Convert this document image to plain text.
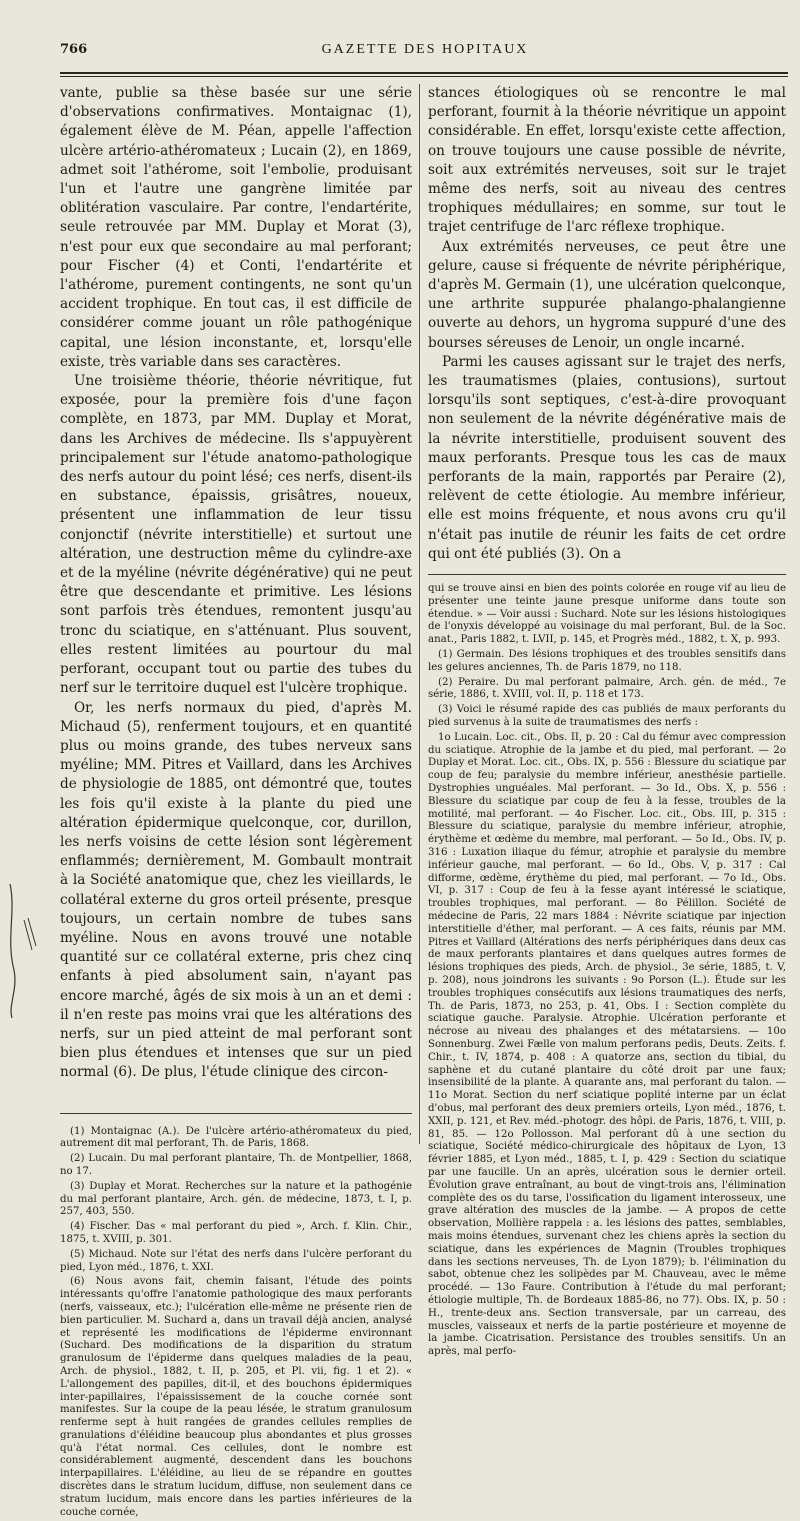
766	GAZETTE DES HOPITAUX

vante, publie sa thèse basée sur une série d'observations confirmatives. Montaignac (1), également élève de M. Péan, appelle l'affection ulcère artério-athéromateux ; Lucain (2), en 1869, admet soit l'athérome, soit l'embolie, produisant l'un et l'autre une gangrène limitée par oblitération vasculaire. Par contre, l'endartérite, seule retrouvée par MM. Duplay et Morat (3), n'est pour eux que secondaire au mal perforant; pour Fischer (4) et Conti, l'endartérite et l'athérome, purement contingents, ne sont qu'un accident trophique. En tout cas, il est difficile de considérer comme jouant un rôle pathogénique capital, une lésion inconstante, et, lorsqu'elle existe, très variable dans ses caractères.

Une troisième théorie, théorie névritique, fut exposée, pour la première fois d'une façon complète, en 1873, par MM. Duplay et Morat, dans les Archives de médecine. Ils s'appuyèrent principalement sur l'étude anatomo-pathologique des nerfs autour du point lésé; ces nerfs, disent-ils en substance, épaissis, grisâtres, noueux, présentent une inflammation de leur tissu conjonctif (névrite interstitielle) et surtout une altération, une destruction même du cylindre-axe et de la myéline (névrite dégénérative) qui ne peut être que descendante et primitive. Les lésions sont parfois très étendues, remontent jusqu'au tronc du sciatique, en s'atténuant. Plus souvent, elles restent limitées au pourtour du mal perforant, occupant tout ou partie des tubes du nerf sur le territoire duquel est l'ulcère trophique.

Or, les nerfs normaux du pied, d'après M. Michaud (5), renferment toujours, et en quantité plus ou moins grande, des tubes nerveux sans myéline; MM. Pitres et Vaillard, dans les Archives de physiologie de 1885, ont démontré que, toutes les fois qu'il existe à la plante du pied une altération épidermique quelconque, cor, durillon, les nerfs voisins de cette lésion sont légèrement enflammés; dernièrement, M. Gombault montrait à la Société anatomique que, chez les vieillards, le collatéral externe du gros orteil présente, presque toujours, un certain nombre de tubes sans myéline. Nous en avons trouvé une notable quantité sur ce collatéral externe, pris chez cinq enfants à pied absolument sain, n'ayant pas encore marché, âgés de six mois à un an et demi : il n'en reste pas moins vrai que les altérations des nerfs, sur un pied atteint de mal perforant sont bien plus étendues et intenses que sur un pied normal (6). De plus, l'étude clinique des circon-

(1) Montaignac (A.). De l'ulcère artério-athéromateux du pied, autrement dit mal perforant, Th. de Paris, 1868.

(2) Lucain. Du mal perforant plantaire, Th. de Montpellier, 1868, no 17.

(3) Duplay et Morat. Recherches sur la nature et la pathogénie du mal perforant plantaire, Arch. gén. de médecine, 1873, t. I, p. 257, 403, 550.

(4) Fischer. Das « mal perforant du pied », Arch. f. Klin. Chir., 1875, t. XVIII, p. 301.

(5) Michaud. Note sur l'état des nerfs dans l'ulcère perforant du pied, Lyon méd., 1876, t. XXI.

(6) Nous avons fait, chemin faisant, l'étude des points intéressants qu'offre l'anatomie pathologique des maux perforants (nerfs, vaisseaux, etc.); l'ulcération elle-même ne présente rien de bien particulier. M. Suchard a, dans un travail déjà ancien, analysé et représenté les modifications de l'épiderme environnant (Suchard. Des modifications de la disparition du stratum granulosum de l'épiderme dans quelques maladies de la peau, Arch. de physiol., 1882, t. II, p. 205, et Pl. vii, fig. 1 et 2). « L'allongement des papilles, dit-il, et des bouchons épidermiques inter-papillaires, l'épaississement de la couche cornée sont manifestes. Sur la coupe de la peau lésée, le stratum granulosum renferme sept à huit rangées de grandes cellules remplies de granulations d'éléidine beaucoup plus abondantes et plus grosses qu'à l'état normal. Ces cellules, dont le nombre est considérablement augmenté, descendent dans les bouchons interpapillaires. L'éléidine, au lieu de se répandre en gouttes discrètes dans le stratum lucidum, diffuse, non seulement dans ce stratum lucidum, mais encore dans les parties inférieures de la couche cornée,

stances étiologiques où se rencontre le mal perforant, fournit à la théorie névritique un appoint considérable. En effet, lorsqu'existe cette affection, on trouve toujours une cause possible de névrite, soit aux extrémités nerveuses, soit sur le trajet même des nerfs, soit au niveau des centres trophiques médullaires; en somme, sur tout le trajet centrifuge de l'arc réflexe trophique.

Aux extrémités nerveuses, ce peut être une gelure, cause si fréquente de névrite périphérique, d'après M. Germain (1), une ulcération quelconque, une arthrite suppurée phalango-phalangienne ouverte au dehors, un hygroma suppuré d'une des bourses séreuses de Lenoir, un ongle incarné.

Parmi les causes agissant sur le trajet des nerfs, les traumatismes (plaies, contusions), surtout lorsqu'ils sont septiques, c'est-à-dire provoquant non seulement de la névrite dégénérative mais de la névrite interstitielle, produisent souvent des maux perforants. Presque tous les cas de maux perforants de la main, rapportés par Peraire (2), relèvent de cette étiologie. Au membre inférieur, elle est moins fréquente, et nous avons cru qu'il n'était pas inutile de réunir les faits de cet ordre qui ont été publiés (3). On a

qui se trouve ainsi en bien des points colorée en rouge vif au lieu de présenter une teinte jaune presque uniforme dans toute son étendue. » — Voir aussi : Suchard. Note sur les lésions histologiques de l'onyxis développé au voisinage du mal perforant, Bul. de la Soc. anat., Paris 1882, t. LVII, p. 145, et Progrès méd., 1882, t. X, p. 993.

(1) Germain. Des lésions trophiques et des troubles sensitifs dans les gelures anciennes, Th. de Paris 1879, no 118.

(2) Peraire. Du mal perforant palmaire, Arch. gén. de méd., 7e série, 1886, t. XVIII, vol. II, p. 118 et 173.

(3) Voici le résumé rapide des cas publiés de maux perforants du pied survenus à la suite de traumatismes des nerfs :

1o Lucain. Loc. cit., Obs. II, p. 20 : Cal du fémur avec compression du sciatique. Atrophie de la jambe et du pied, mal perforant. — 2o Duplay et Morat. Loc. cit., Obs. IX, p. 556 : Blessure du sciatique par coup de feu; paralysie du membre inférieur, anesthésie partielle. Dystrophies unguéales. Mal perforant. — 3o Id., Obs. X, p. 556 : Blessure du sciatique par coup de feu à la fesse, troubles de la motilité, mal perforant. — 4o Fischer. Loc. cit., Obs. III, p. 315 : Blessure du sciatique, paralysie du membre inférieur, atrophie, érythème et œdème du membre, mal perforant. — 5o Id., Obs. IV, p. 316 : Luxation iliaque du fémur, atrophie et paralysie du membre inférieur gauche, mal perforant. — 6o Id., Obs. V, p. 317 : Cal difforme, œdème, érythème du pied, mal perforant. — 7o Id., Obs. VI, p. 317 : Coup de feu à la fesse ayant intéressé le sciatique, troubles trophiques, mal perforant. — 8o Pélillon. Société de médecine de Paris, 22 mars 1884 : Névrite sciatique par injection interstitielle d'éther, mal perforant. — A ces faits, réunis par MM. Pitres et Vaillard (Altérations des nerfs périphériques dans deux cas de maux perforants plantaires et dans quelques autres formes de lésions trophiques des pieds, Arch. de physiol., 3e série, 1885, t. V, p. 208), nous joindrons les suivants : 9o Porson (L.). Étude sur les troubles trophiques consécutifs aux lésions traumatiques des nerfs, Th. de Paris, 1873, no 253, p. 41, Obs. I : Section complète du sciatique gauche. Paralysie. Atrophie. Ulcération perforante et nécrose au niveau des phalanges et des métatarsiens. — 10o Sonnenburg. Zwei Fælle von malum perforans pedis, Deuts. Zeits. f. Chir., t. IV, 1874, p. 408 : A quatorze ans, section du tibial, du saphène et du cutané plantaire du côté droit par une faux; insensibilité de la plante. A quarante ans, mal perforant du talon. — 11o Morat. Section du nerf sciatique poplité interne par un éclat d'obus, mal perforant des deux premiers orteils, Lyon méd., 1876, t. XXII, p. 121, et Rev. méd.-photogr. des hôpi. de Paris, 1876, t. VIII, p. 81, 85. — 12o Pollosson. Mal perforant dû à une section du sciatique, Société médico-chirurgicale des hôpitaux de Lyon, 13 février 1885, et Lyon méd., 1885, t. I, p. 429 : Section du sciatique par une faucille. Un an après, ulcération sous le dernier orteil. Évolution grave entraînant, au bout de vingt-trois ans, l'élimination complète des os du tarse, l'ossification du ligament interosseux, une grave altération des muscles de la jambe. — A propos de cette observation, Mollière rappela : a. les lésions des pattes, semblables, mais moins étendues, survenant chez les chiens après la section du sciatique, dans les expériences de Magnin (Troubles trophiques dans les sections nerveuses, Th. de Lyon 1879); b. l'élimination du sabot, obtenue chez les solipèdes par M. Chauveau, avec le même procédé. — 13o Faure. Contribution à l'étude du mal perforant; étiologie multiple, Th. de Bordeaux 1885-86, no 77). Obs. IX, p. 50 : H., trente-deux ans. Section transversale, par un carreau, des muscles, vaisseaux et nerfs de la partie postérieure et moyenne de la jambe. Cicatrisation. Persistance des troubles sensitifs. Un an après, mal perfo-
